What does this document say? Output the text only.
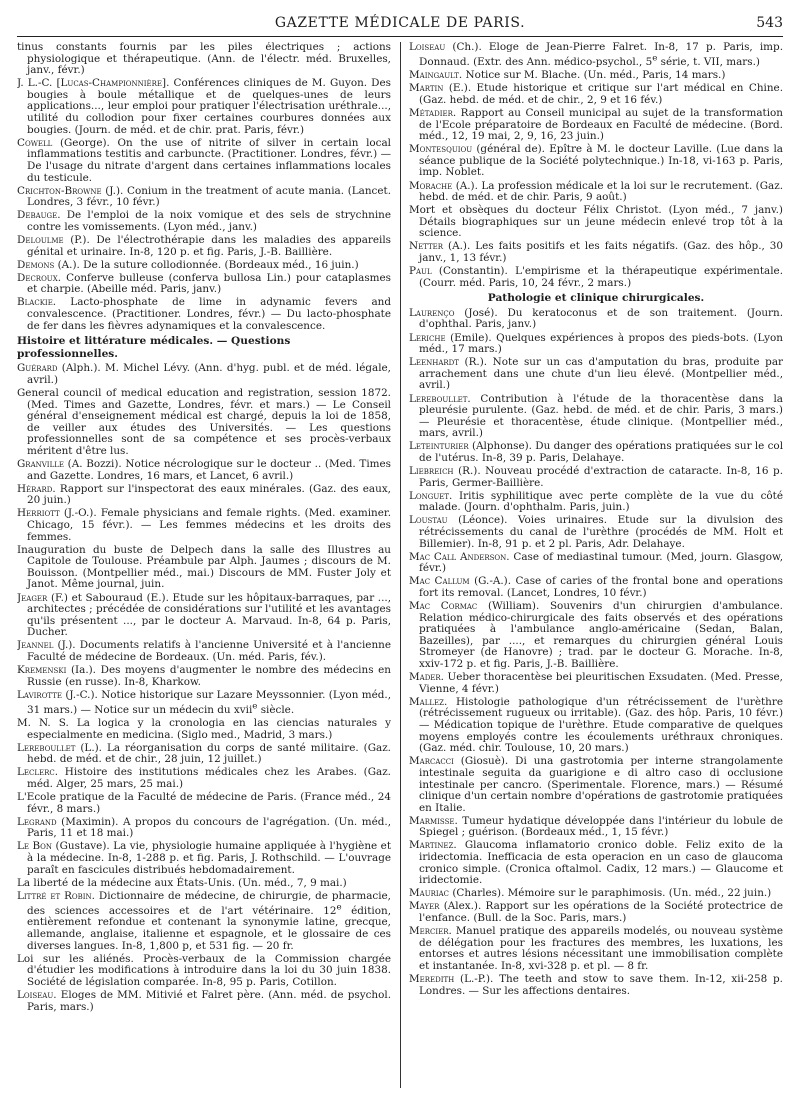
GAZETTE MÉDICALE DE PARIS.	543

tinus constants fournis par les piles électriques ; actions physiologique et thérapeutique. (Ann. de l'électr. méd. Bruxelles, janv., févr.)

J. L.-C. [Lucas-Championnière]. Conférences cliniques de M. Guyon. Des bougies à boule métallique et de quelques-unes de leurs applications..., leur emploi pour pratiquer l'électrisation uréthrale..., utilité du collodion pour fixer certaines courbures données aux bougies. (Journ. de méd. et de chir. prat. Paris, févr.)

Cowell (George). On the use of nitrite of silver in certain local inflammations testitis and carbuncte. (Practitioner. Londres, févr.) — De l'usage du nitrate d'argent dans certaines inflammations locales du testicule.

Crichton-Browne (J.). Conium in the treatment of acute mania. (Lancet. Londres, 3 févr., 10 févr.)

Debauge. De l'emploi de la noix vomique et des sels de strychnine contre les vomissements. (Lyon méd., janv.)

Deloulme (P.). De l'électrothérapie dans les maladies des appareils génital et urinaire. In-8, 120 p. et fig. Paris, J.-B. Baillière.

Demons (A.). De la suture collodionnée. (Bordeaux méd., 16 juin.)

Decroux. Conferve bulleuse (conferva bullosa Lin.) pour cataplasmes et charpie. (Abeille méd. Paris, janv.)

Blackie. Lacto-phosphate de lime in adynamic fevers and convalescence. (Practitioner. Londres, févr.) — Du lacto-phosphate de fer dans les fièvres adynamiques et la convalescence.

Histoire et littérature médicales. — Questions professionnelles.

Guérard (Alph.). M. Michel Lévy. (Ann. d'hyg. publ. et de méd. légale, avril.)

General council of medical education and registration, session 1872. (Med. Times and Gazette, Londres, févr. et mars.) — Le Conseil général d'enseignement médical est chargé, depuis la loi de 1858, de veiller aux études des Universités. — Les questions professionnelles sont de sa compétence et ses procès-verbaux méritent d'être lus.

Granville (A. Bozzi). Notice nécrologique sur le docteur .. (Med. Times and Gazette. Londres, 16 mars, et Lancet, 6 avril.)

Hérard. Rapport sur l'inspectorat des eaux minérales. (Gaz. des eaux, 20 juin.)

Herriott (J.-O.). Female physicians and female rights. (Med. examiner. Chicago, 15 févr.). — Les femmes médecins et les droits des femmes.

Inauguration du buste de Delpech dans la salle des Illustres au Capitole de Toulouse. Préambule par Alph. Jaumes ; discours de M. Bouisson. (Montpellier méd., mai.) Discours de MM. Fuster Joly et Janot. Même journal, juin.

Jeager (F.) et Sabouraud (E.). Etude sur les hôpitaux-barraques, par ..., architectes ; précédée de considérations sur l'utilité et les avantages qu'ils présentent ..., par le docteur A. Marvaud. In-8, 64 p. Paris, Ducher.

Jeannel (J.). Documents relatifs à l'ancienne Université et à l'ancienne Faculté de médecine de Bordeaux. (Un. méd. Paris, fév.).

Kremenski (Ia.). Des moyens d'augmenter le nombre des médecins en Russie (en russe). In-8, Kharkow.

Lavirotte (J.-C.). Notice historique sur Lazare Meyssonnier. (Lyon méd., 31 mars.) — Notice sur un médecin du xvii$^e$ siècle.

M. N. S. La logica y la cronologia en las ciencias naturales y especialmente en medicina. (Siglo med., Madrid, 3 mars.)

Lereboullet (L.). La réorganisation du corps de santé militaire. (Gaz. hebd. de méd. et de chir., 28 juin, 12 juillet.)

Leclerc. Histoire des institutions médicales chez les Arabes. (Gaz. méd. Alger, 25 mars, 25 mai.)

L'Ecole pratique de la Faculté de médecine de Paris. (France méd., 24 févr., 8 mars.)

Legrand (Maximin). A propos du concours de l'agrégation. (Un. méd., Paris, 11 et 18 mai.)

Le Bon (Gustave). La vie, physiologie humaine appliquée à l'hygiène et à la médecine. In-8, 1-288 p. et fig. Paris, J. Rothschild. — L'ouvrage paraît en fascicules distribués hebdomadairement.

La liberté de la médecine aux États-Unis. (Un. méd., 7, 9 mai.)

Littré et Robin. Dictionnaire de médecine, de chirurgie, de pharmacie, des sciences accessoires et de l'art vétérinaire. 12e édition, entièrement refondue et contenant la synonymie latine, grecque, allemande, anglaise, italienne et espagnole, et le glossaire de ces diverses langues. In-8, 1,800 p, et 531 fig. — 20 fr.

Loi sur les aliénés. Procès-verbaux de la Commission chargée d'étudier les modifications à introduire dans la loi du 30 juin 1838. Société de législation comparée. In-8, 95 p. Paris, Cotillon.

Loiseau. Eloges de MM. Mitivié et Falret père. (Ann. méd. de psychol. Paris, mars.)

Loiseau (Ch.). Eloge de Jean-Pierre Falret. In-8, 17 p. Paris, imp. Donnaud. (Extr. des Ann. médico-psychol., 5e série, t. VII, mars.)

Maingault. Notice sur M. Blache. (Un. méd., Paris, 14 mars.)

Martin (E.). Etude historique et critique sur l'art médical en Chine. (Gaz. hebd. de méd. et de chir., 2, 9 et 16 fév.)

Métadier. Rapport au Conseil municipal au sujet de la transformation de l'Ecole préparatoire de Bordeaux en Faculté de médecine. (Bord. méd., 12, 19 mai, 2, 9, 16, 23 juin.)

Montesquiou (général de). Epître à M. le docteur Laville. (Lue dans la séance publique de la Société polytechnique.) In-18, vi-163 p. Paris, imp. Noblet.

Morache (A.). La profession médicale et la loi sur le recrutement. (Gaz. hebd. de méd. et de chir. Paris, 9 août.)

Mort et obsèques du docteur Félix Christot. (Lyon méd., 7 janv.) Détails biographiques sur un jeune médecin enlevé trop tôt à la science.

Netter (A.). Les faits positifs et les faits négatifs. (Gaz. des hôp., 30 janv., 1, 13 févr.)

Paul (Constantin). L'empirisme et la thérapeutique expérimentale. (Courr. méd. Paris, 10, 24 févr., 2 mars.)

Pathologie et clinique chirurgicales.

Laurenço (José). Du keratoconus et de son traitement. (Journ. d'ophthal. Paris, janv.)

Leriche (Emile). Quelques expériences à propos des pieds-bots. (Lyon méd., 17 mars.)

Leenhardt (R.). Note sur un cas d'amputation du bras, produite par arrachement dans une chute d'un lieu élevé. (Montpellier méd., avril.)

Lereboullet. Contribution à l'étude de la thoracentèse dans la pleurésie purulente. (Gaz. hebd. de méd. et de chir. Paris, 3 mars.) — Pleurésie et thoracentèse, étude clinique. (Montpellier méd., mars, avril.)

Leteinturier (Alphonse). Du danger des opérations pratiquées sur le col de l'utérus. In-8, 39 p. Paris, Delahaye.

Liebreich (R.). Nouveau procédé d'extraction de cataracte. In-8, 16 p. Paris, Germer-Baillière.

Longuet. Iritis syphilitique avec perte complète de la vue du côté malade. (Journ. d'ophthalm. Paris, juin.)

Loustau (Léonce). Voies urinaires. Etude sur la divulsion des rétrécissements du canal de l'urèthre (procédés de MM. Holt et Billemier). In-8, 91 p. et 2 pl. Paris, Adr. Delahaye.

Mac Call Anderson. Case of mediastinal tumour. (Med, journ. Glasgow, févr.)

Mac Callum (G.-A.). Case of caries of the frontal bone and operations fort its removal. (Lancet, Londres, 10 févr.)

Mac Cormac (William). Souvenirs d'un chirurgien d'ambulance. Relation médico-chirurgicale des faits observés et des opérations pratiquées à l'ambulance anglo-américaine (Sedan, Balan, Bazeilles), par ...., et remarques du chirurgien général Louis Stromeyer (de Hanovre) ; trad. par le docteur G. Morache. In-8, xxiv-172 p. et fig. Paris, J.-B. Baillière.

Mader. Ueber thoracentèse bei pleuritischen Exsudaten. (Med. Presse, Vienne, 4 févr.)

Mallez. Histologie pathologique d'un rétrécissement de l'urèthre (rétrécissement rugueux ou irritable). (Gaz. des hôp. Paris, 10 févr.) — Médication topique de l'urèthre. Etude comparative de quelques moyens employés contre les écoulements uréthraux chroniques. (Gaz. méd. chir. Toulouse, 10, 20 mars.)

Marcacci (Giosuè). Di una gastrotomia per interne strangolamente intestinale seguita da guarigione e di altro caso di occlusione intestinale per cancro. (Sperimentale. Florence, mars.) — Résumé clinique d'un certain nombre d'opérations de gastrotomie pratiquées en Italie.

Marmisse. Tumeur hydatique développée dans l'intérieur du lobule de Spiegel ; guérison. (Bordeaux méd., 1, 15 févr.)

Martinez. Glaucoma inflamatorio cronico doble. Feliz exito de la iridectomia. Inefficacia de esta operacion en un caso de glaucoma cronico simple. (Cronica oftalmol. Cadix, 12 mars.) — Glaucome et iridectomie.

Mauriac (Charles). Mémoire sur le paraphimosis. (Un. méd., 22 juin.)

Mayer (Alex.). Rapport sur les opérations de la Société protectrice de l'enfance. (Bull. de la Soc. Paris, mars.)

Mercier. Manuel pratique des appareils modelés, ou nouveau système de délégation pour les fractures des membres, les luxations, les entorses et autres lésions nécessitant une immobilisation complète et instantanée. In-8, xvi-328 p. et pl. — 8 fr.

Meredith (L.-P.). The teeth and stow to save them. In-12, xii-258 p. Londres. — Sur les affections dentaires.
